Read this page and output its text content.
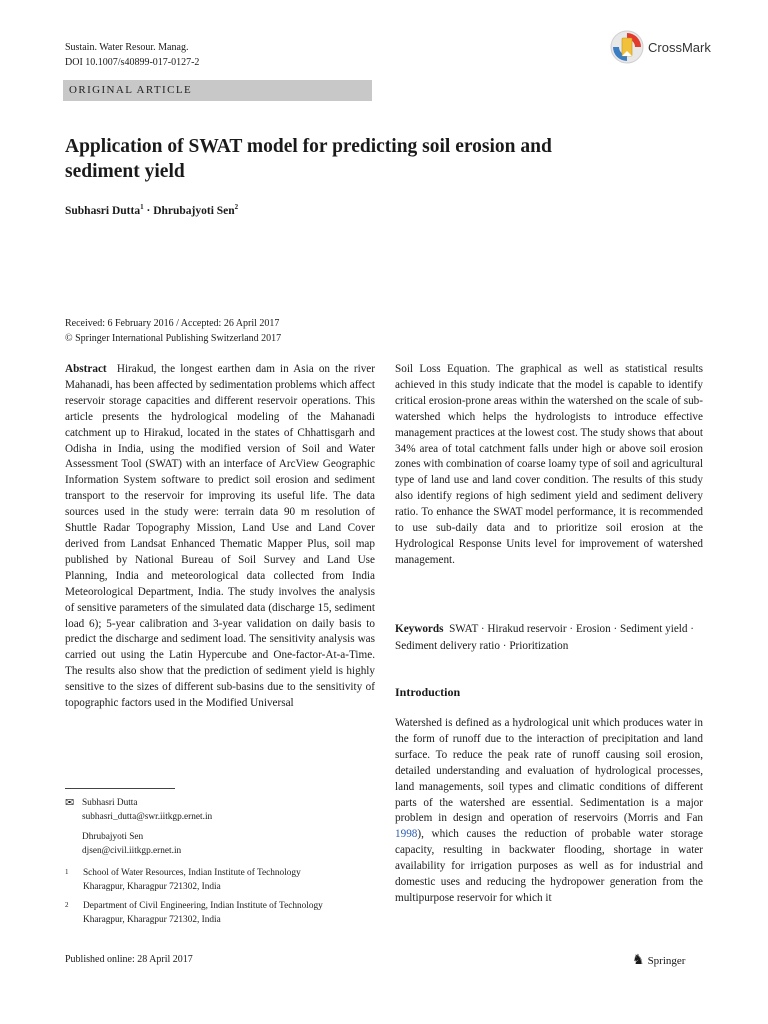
Sustain. Water Resour. Manag.
DOI 10.1007/s40899-017-0127-2
CrossMark
ORIGINAL ARTICLE
Application of SWAT model for predicting soil erosion and sediment yield
Subhasri Dutta$^1$ · Dhrubajyoti Sen$^2$
Received: 6 February 2016 / Accepted: 26 April 2017
© Springer International Publishing Switzerland 2017

Abstract Hirakud, the longest earthen dam in Asia on the river Mahanadi, has been affected by sedimentation problems which affect reservoir storage capacities and different reservoir operations. This article presents the hydrological modeling of the Mahanadi catchment up to Hirakud, located in the states of Chhattisgarh and Odisha in India, using the modified version of Soil and Water Assessment Tool (SWAT) with an interface of ArcView Geographic Information System software to predict soil erosion and sediment transport to the reservoir for improving its useful life. The data sources used in the study were: terrain data 90 m resolution of Shuttle Radar Topography Mission, Land Use and Land Cover derived from Landsat Enhanced Thematic Mapper Plus, soil map published by National Bureau of Soil Survey and Land Use Planning, India and meteorological data collected from India Meteorological Department, India. The study involves the analysis of sensitive parameters of the simulated data (discharge 15, sediment load 6); 5-year calibration and 3-year validation on daily basis to predict the discharge and sediment load. The sensitivity analysis was carried out using the Latin Hypercube and One-factor-At-a-Time. The results also show that the prediction of sediment yield is highly sensitive to the sizes of different sub-basins due to the sensitivity of topographic factors used in the Modified Universal

Soil Loss Equation. The graphical as well as statistical results achieved in this study indicate that the model is capable to identify critical erosion-prone areas within the watershed on the scale of sub-watershed which helps the hydrologists to introduce effective management practices at the lowest cost. The study shows that about 34% area of total catchment falls under high or above soil erosion zones with combination of coarse loamy type of soil and agricultural type of land use and land cover condition. The results of this study also identify regions of high sediment yield and sediment delivery ratio. To enhance the SWAT model performance, it is recommended to use sub-daily data and to prioritize soil erosion at the Hydrological Response Units level for improvement of watershed management.

Keywords SWAT · Hirakud reservoir · Erosion · Sediment yield · Sediment delivery ratio · Prioritization
Introduction

Watershed is defined as a hydrological unit which produces water in the form of runoff due to the interaction of precipitation and land surface. To reduce the peak rate of runoff causing soil erosion, detailed understanding and evaluation of hydrological processes, land managements, soil types and climatic conditions of different parts of the watershed are essential. Sedimentation is a major problem in design and operation of reservoirs (Morris and Fan 1998), which causes the reduction of probable water storage capacity, resulting in backwater flooding, shortage in water availability for irrigation purposes as well as for industrial and domestic uses and reducing the hydropower generation from the multipurpose reservoir for which it

✉ Subhasri Dutta
subhasri_dutta@swr.iitkgp.ernet.in
Dhrubajyoti Sen
djsen@civil.iitkgp.ernet.in
1	School of Water Resources, Indian Institute of Technology Kharagpur, Kharagpur 721302, India
2	Department of Civil Engineering, Indian Institute of Technology Kharagpur, Kharagpur 721302, India
Published online: 28 April 2017	♞ Springer
